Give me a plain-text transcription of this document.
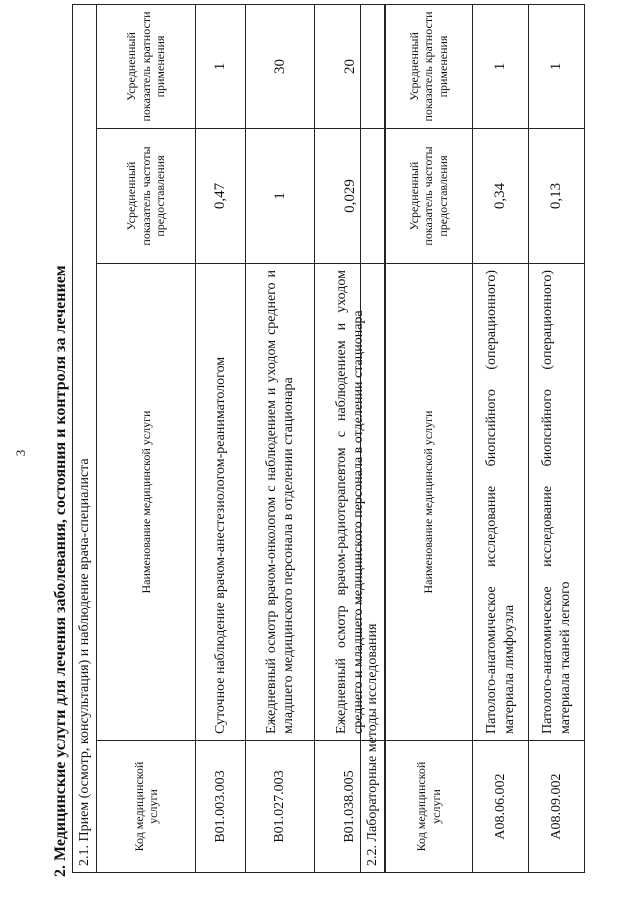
3 2. Медицинские услуги для лечения заболевания, состояния и контроля за лечением 2.1. Прием (осмотр, консультация) и наблюдение врача-специалиста			
Код медицинской услуги	Наименование медицинской услуги	Усредненный показатель частоты предоставления	Усредненный показатель кратности применения
B01.003.003	Суточное наблюдение врачом-анестезиологом-реаниматологом	0,47	1
B01.027.003	Ежедневный осмотр врачом-онкологом с наблюдением и уходом среднего и младшего медицинского персонала в отделении стационара	1	30
B01.038.005	Ежедневный осмотр врачом-радиотерапевтом с наблюдением и уходом среднего и младшего медицинского персонала в отделении стационара	0,029	20
2.2. Лабораторные методы исследования			
Код медицинской услуги	Наименование медицинской услуги	Усредненный показатель частоты предоставления	Усредненный показатель кратности применения
A08.06.002	Патолого-анатомическое исследование биопсийного (операционного) материала лимфоузла	0,34	1
A08.09.002	Патолого-анатомическое исследование биопсийного (операционного) материала тканей легкого	0,13	1
